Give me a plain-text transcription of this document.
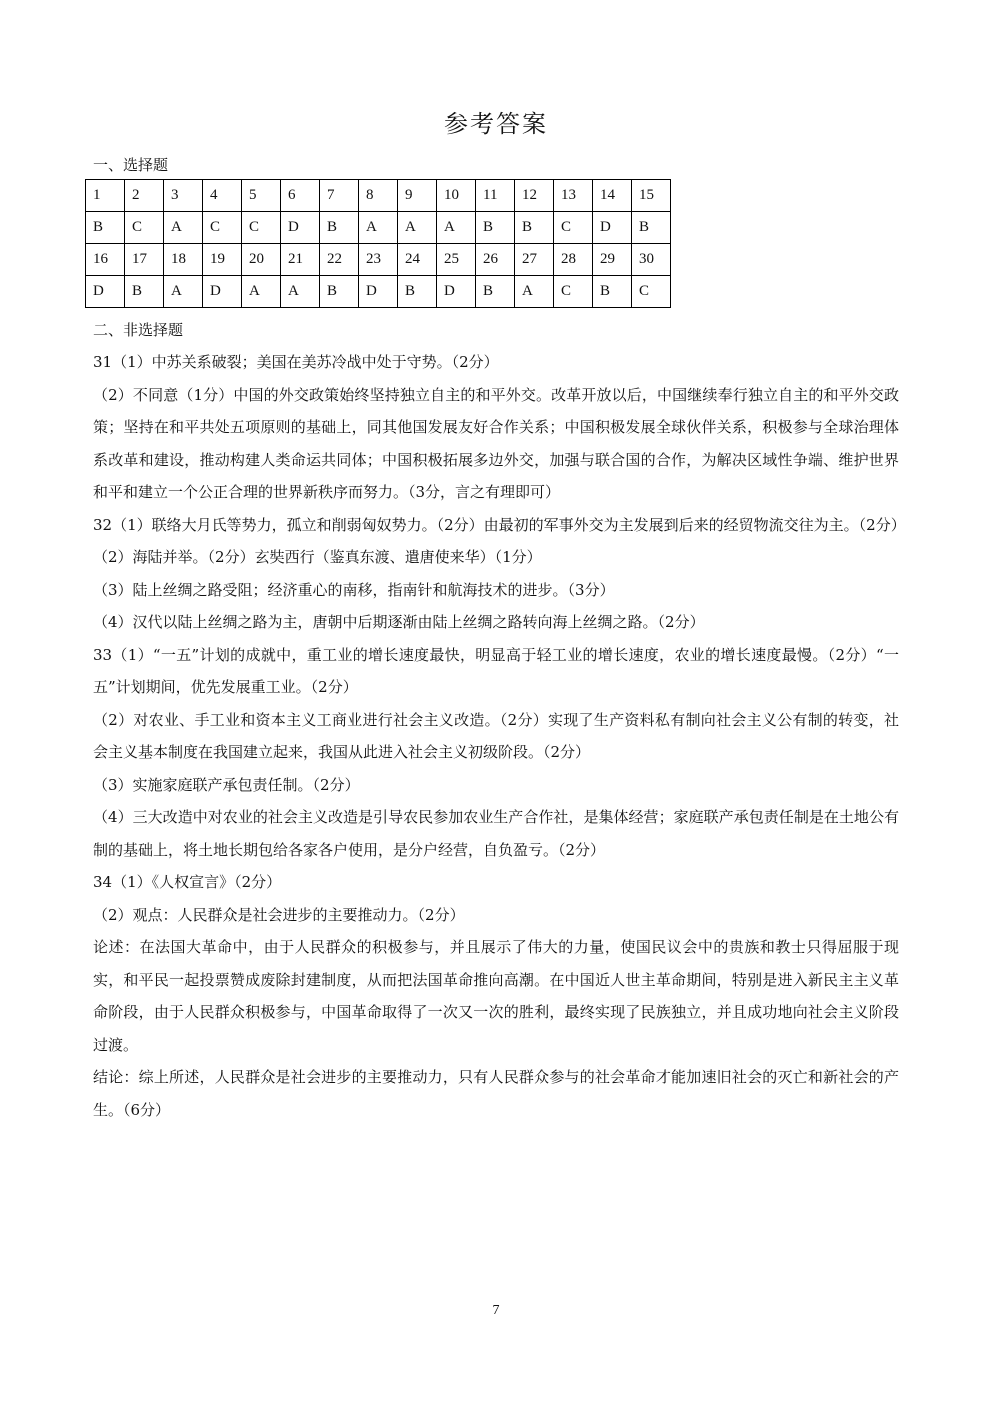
参考答案
一、选择题
1	2	3	4	5	6	7	8	9	10	11	12	13	14	15
B	C	A	C	C	D	B	A	A	A	B	B	C	D	B
16	17	18	19	20	21	22	23	24	25	26	27	28	29	30
D	B	A	D	A	A	B	D	B	D	B	A	C	B	C
二、非选择题

31（1）中苏关系破裂；美国在美苏冷战中处于守势。（2分）

（2）不同意（1分）中国的外交政策始终坚持独立自主的和平外交。改革开放以后，中国继续奉行独立自主的和平外交政策；坚持在和平共处五项原则的基础上，同其他国发展友好合作关系；中国积极发展全球伙伴关系，积极参与全球治理体系改革和建设，推动构建人类命运共同体；中国积极拓展多边外交，加强与联合国的合作，为解决区域性争端、维护世界和平和建立一个公正合理的世界新秩序而努力。（3分，言之有理即可）

32（1）联络大月氏等势力，孤立和削弱匈奴势力。（2分）由最初的军事外交为主发展到后来的经贸物流交往为主。（2分）

（2）海陆并举。（2分）玄奘西行（鉴真东渡、遣唐使来华）（1分）

（3）陆上丝绸之路受阻；经济重心的南移，指南针和航海技术的进步。（3分）

（4）汉代以陆上丝绸之路为主，唐朝中后期逐渐由陆上丝绸之路转向海上丝绸之路。（2分）

33（1）“一五”计划的成就中，重工业的增长速度最快，明显高于轻工业的增长速度，农业的增长速度最慢。（2分）“一五”计划期间，优先发展重工业。（2分）

（2）对农业、手工业和资本主义工商业进行社会主义改造。（2分）实现了生产资料私有制向社会主义公有制的转变，社会主义基本制度在我国建立起来，我国从此进入社会主义初级阶段。（2分）

（3）实施家庭联产承包责任制。（2分）

（4）三大改造中对农业的社会主义改造是引导农民参加农业生产合作社，是集体经营；家庭联产承包责任制是在土地公有制的基础上，将土地长期包给各家各户使用，是分户经营，自负盈亏。（2分）

34（1）《人权宣言》（2分）

（2）观点：人民群众是社会进步的主要推动力。（2分）

论述：在法国大革命中，由于人民群众的积极参与，并且展示了伟大的力量，使国民议会中的贵族和教士只得屈服于现实，和平民一起投票赞成废除封建制度，从而把法国革命推向高潮。在中国近人世主革命期间，特别是进入新民主主义革命阶段，由于人民群众积极参与，中国革命取得了一次又一次的胜利，最终实现了民族独立，并且成功地向社会主义阶段过渡。

结论：综上所述，人民群众是社会进步的主要推动力，只有人民群众参与的社会革命才能加速旧社会的灭亡和新社会的产生。（6分）

7
